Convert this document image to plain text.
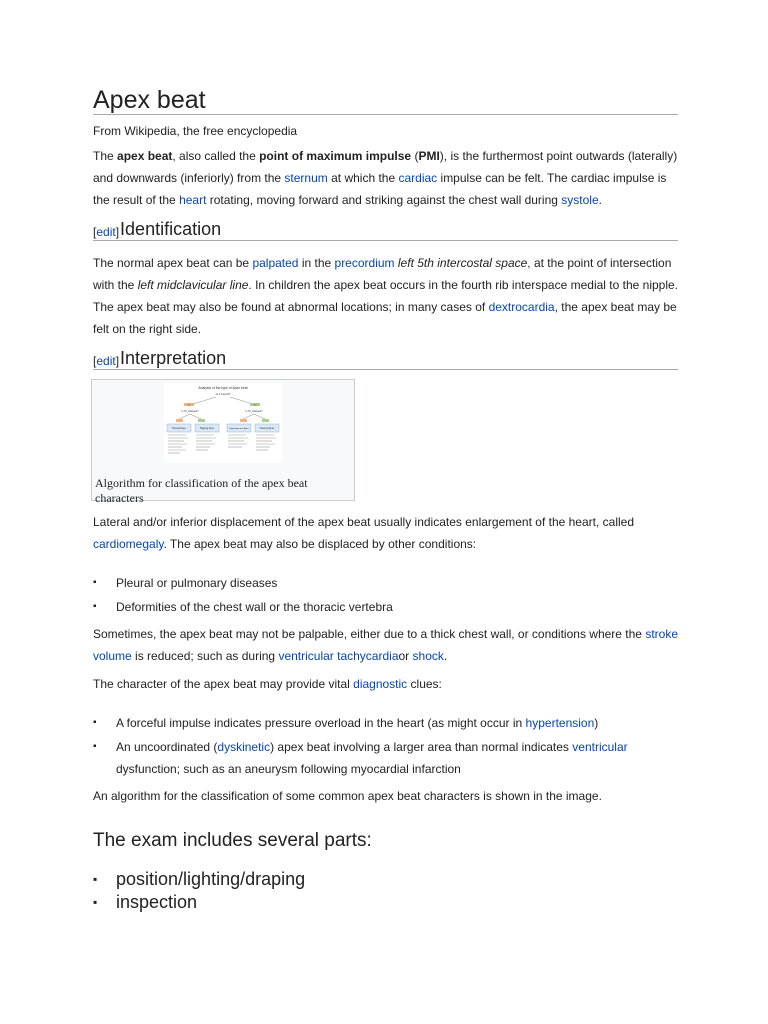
Apex beat
From Wikipedia, the free encyclopedia

The apex beat, also called the point of maximum impulse (PMI), is the furthermost point outwards (laterally) and downwards (inferiorly) from the sternum at which the cardiac impulse can be felt. The cardiac impulse is the result of the heart rotating, moving forward and striking against the chest wall during systole.

[edit] Identification

The normal apex beat can be palpated in the precordium left 5th intercostal space, at the point of intersection with the left midclavicular line. In children the apex beat occurs in the fourth rib interspace medial to the nipple. The apex beat may also be found at abnormal locations; in many cases of dextrocardia, the apex beat may be felt on the right side.

[edit] Interpretation
Analysis of the type of Apex beat
Is it found?
No	Yes
Is Ht_enlarged?	Is Ht_enlarged?
Normal Apex	Tapping Apex	Hyperdynamic Apex	Heaving Apex
Algorithm for classification of the apex beat characters

Lateral and/or inferior displacement of the apex beat usually indicates enlargement of the heart, called cardiomegaly. The apex beat may also be displaced by other conditions:

▪ Pleural or pulmonary diseases
▪ Deformities of the chest wall or the thoracic vertebra

Sometimes, the apex beat may not be palpable, either due to a thick chest wall, or conditions where the stroke volume is reduced; such as during ventricular tachycardiaor shock.

The character of the apex beat may provide vital diagnostic clues:

▪ A forceful impulse indicates pressure overload in the heart (as might occur in hypertension)
▪ An uncoordinated (dyskinetic) apex beat involving a larger area than normal indicates ventricular dysfunction; such as an aneurysm following myocardial infarction

An algorithm for the classification of some common apex beat characters is shown in the image.

The exam includes several parts:
▪ position/lighting/draping
▪ inspection
